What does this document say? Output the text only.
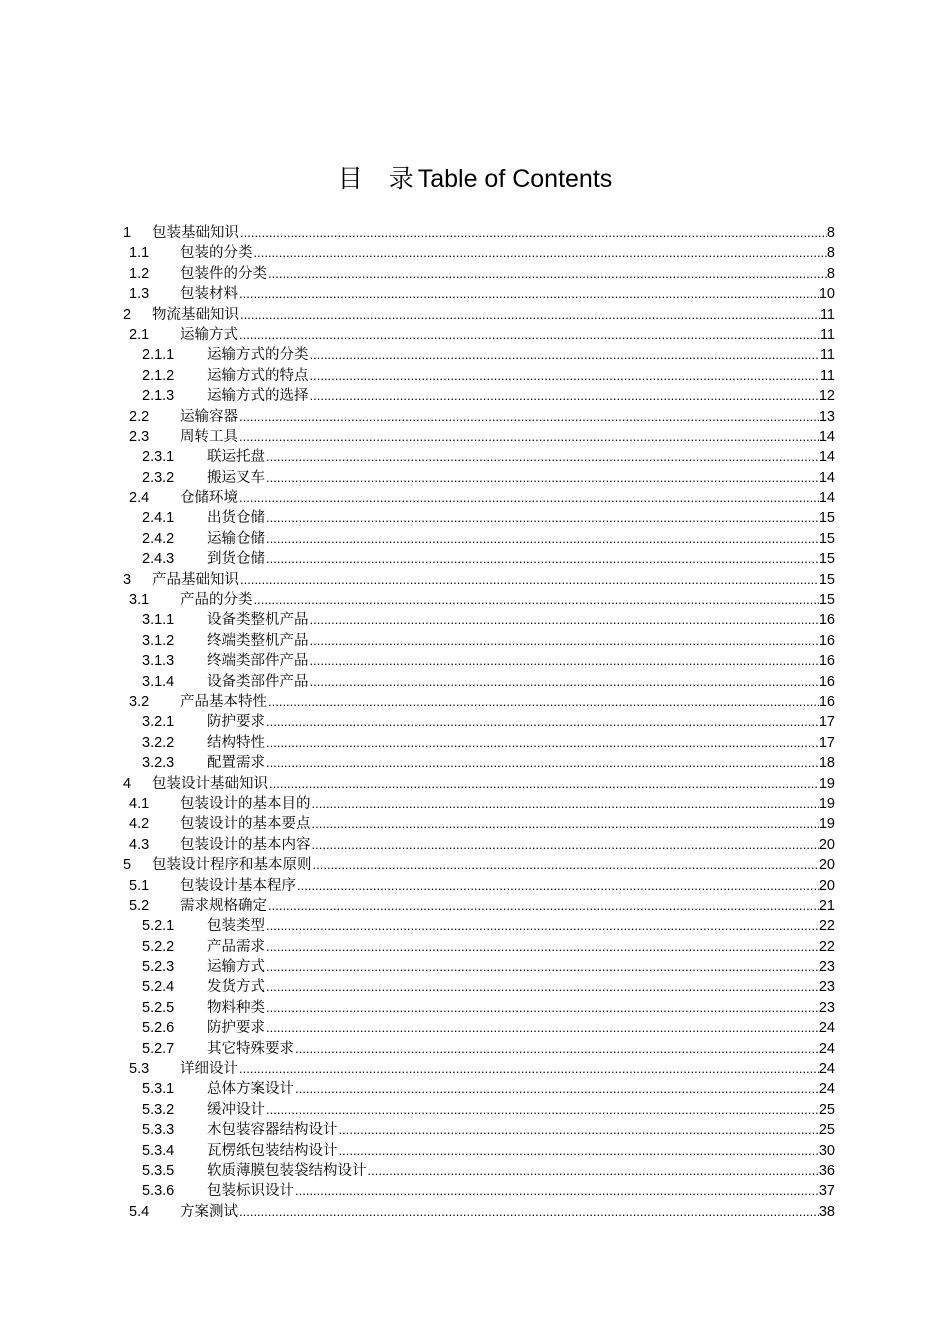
目 录 Table of Contents
1 包装基础知识 .....	8
1.1 包装的分类 .....	8
1.2 包装件的分类 .....	8
1.3 包装材料 .....	10
2 物流基础知识 .....	11
2.1 运输方式 .....	11
2.1.1 运输方式的分类 .....	11
2.1.2 运输方式的特点 .....	11
2.1.3 运输方式的选择 .....	12
2.2 运输容器 .....	13
2.3 周转工具 .....	14
2.3.1 联运托盘 .....	14
2.3.2 搬运叉车 .....	14
2.4 仓储环境 .....	14
2.4.1 出货仓储 .....	15
2.4.2 运输仓储 .....	15
2.4.3 到货仓储 .....	15
3 产品基础知识 .....	15
3.1 产品的分类 .....	15
3.1.1 设备类整机产品 .....	16
3.1.2 终端类整机产品 .....	16
3.1.3 终端类部件产品 .....	16
3.1.4 设备类部件产品 .....	16
3.2 产品基本特性 .....	16
3.2.1 防护要求 .....	17
3.2.2 结构特性 .....	17
3.2.3 配置需求 .....	18
4 包装设计基础知识 .....	19
4.1 包装设计的基本目的 .....	19
4.2 包装设计的基本要点 .....	19
4.3 包装设计的基本内容 .....	20
5 包装设计程序和基本原则 .....	20
5.1 包装设计基本程序 .....	20
5.2 需求规格确定 .....	21
5.2.1 包装类型 .....	22
5.2.2 产品需求 .....	22
5.2.3 运输方式 .....	23
5.2.4 发货方式 .....	23
5.2.5 物料种类 .....	23
5.2.6 防护要求 .....	24
5.2.7 其它特殊要求 .....	24
5.3 详细设计 .....	24
5.3.1 总体方案设计 .....	24
5.3.2 缓冲设计 .....	25
5.3.3 木包装容器结构设计 .....	25
5.3.4 瓦楞纸包装结构设计 .....	30
5.3.5 软质薄膜包装袋结构设计 .....	36
5.3.6 包装标识设计 .....	37
5.4 方案测试 .....	38
